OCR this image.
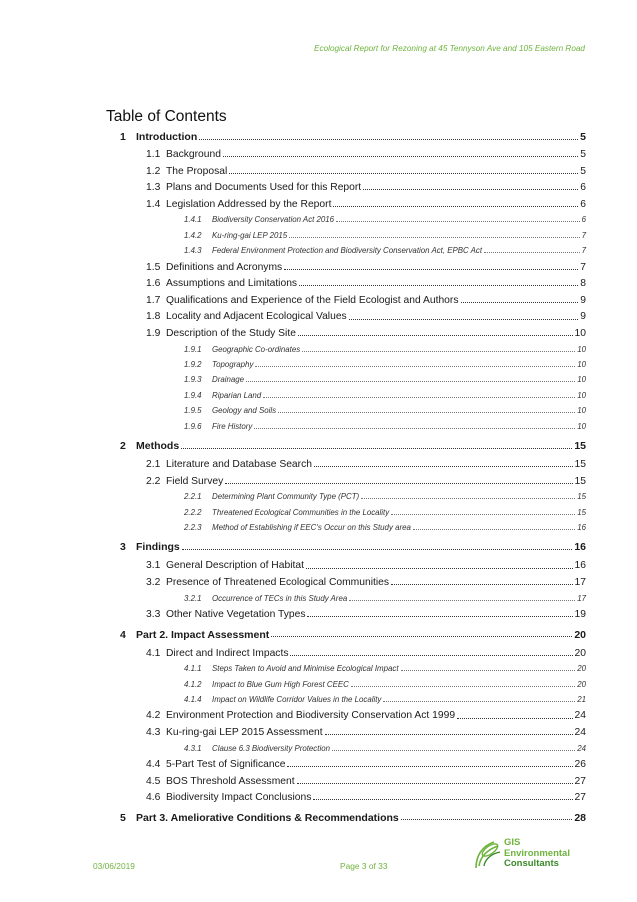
Ecological Report for Rezoning at 45 Tennyson Ave and 105 Eastern Road
Table of Contents
1 Introduction	5
1.1 Background	5
1.2 The Proposal	5
1.3 Plans and Documents Used for this Report	6
1.4 Legislation Addressed by the Report	6
1.4.1	Biodiversity Conservation Act 2016	6
1.4.2	Ku-ring-gai LEP 2015	7
1.4.3	Federal Environment Protection and Biodiversity Conservation Act, EPBC Act	7
1.5 Definitions and Acronyms	7
1.6 Assumptions and Limitations	8
1.7 Qualifications and Experience of the Field Ecologist and Authors	9
1.8 Locality and Adjacent Ecological Values	9
1.9 Description of the Study Site	10
1.9.1	Geographic Co-ordinates	10
1.9.2	Topography	10
1.9.3	Drainage	10
1.9.4	Riparian Land	10
1.9.5	Geology and Soils	10
1.9.6	Fire History	10
2 Methods	15
2.1 Literature and Database Search	15
2.2 Field Survey	15
2.2.1	Determining Plant Community Type (PCT)	15
2.2.2	Threatened Ecological Communities in the Locality	15
2.2.3	Method of Establishing if EEC's Occur on this Study area	16
3 Findings	16
3.1 General Description of Habitat	16
3.2 Presence of Threatened Ecological Communities	17
3.2.1	Occurrence of TECs in this Study Area	17
3.3 Other Native Vegetation Types	19
4 Part 2. Impact Assessment	20
4.1 Direct and Indirect Impacts	20
4.1.1	Steps Taken to Avoid and Minimise Ecological Impact	20
4.1.2	Impact to Blue Gum High Forest CEEC	20
4.1.4	Impact on Wildlife Corridor Values in the Locality	21
4.2 Environment Protection and Biodiversity Conservation Act 1999	24
4.3 Ku-ring-gai LEP 2015 Assessment	24
4.3.1	Clause 6.3 Biodiversity Protection	24
4.4 5-Part Test of Significance	26
4.5 BOS Threshold Assessment	27
4.6 Biodiversity Impact Conclusions	27
5 Part 3. Ameliorative Conditions & Recommendations	28
03/06/2019	Page 3 of 33
GIS
Environmental
Consultants
